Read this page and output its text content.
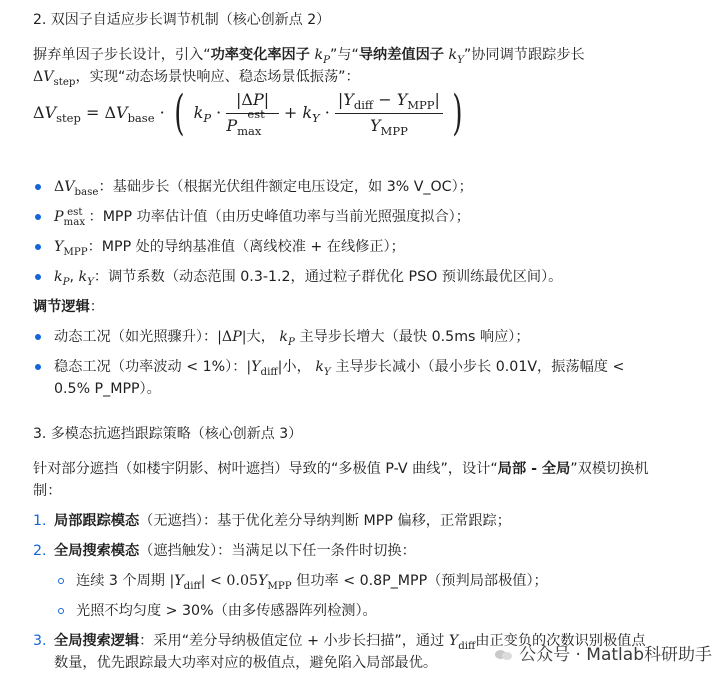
2. 双因子自适应步长调节机制（核心创新点 2）
摒弃单因子步长设计，引入“功率变化率因子 $k_P$”与“导纳差值因子 $k_Y$”协同调节跟踪步长
$\Delta V_{step}$，实现“动态场景快响应、稳态场景低振荡”：
$\Delta V_{step} = \Delta V_{base}$ · ( $k_P \cdot \frac{|\Delta P|}{P_{max}^{est}} + k_Y \cdot \frac{|Y_{diff} - Y_{MPP}|}{Y_{MPP}}$ )
$\Delta V_{base}$：基础步长（根据光伏组件额定电压设定，如 3% V_OC）；
$P_{max}^{est}$ ：MPP 功率估计值（由历史峰值功率与当前光照强度拟合）；
$Y_{MPP}$：MPP 处的导纳基准值（离线校准 + 在线修正）；
$k_P$, $k_Y$：调节系数（动态范围 0.3-1.2，通过粒子群优化 PSO 预训练最优区间）。
调节逻辑：
动态工况（如光照骤升）：|ΔP|大， $k_P$ 主导步长增大（最快 0.5ms 响应）；
稳态工况（功率波动 < 1%）：$|Y_{diff}|$小， $k_Y$ 主导步长减小（最小步长 0.01V，振荡幅度 <
0.5% P_MPP）。
3. 多模态抗遮挡跟踪策略（核心创新点 3）
针对部分遮挡（如楼宇阴影、树叶遮挡）导致的“多极值 P-V 曲线”，设计“局部 - 全局”双模切换机
制：
1. 局部跟踪模态（无遮挡）：基于优化差分导纳判断 MPP 偏移，正常跟踪；
2. 全局搜索模态（遮挡触发）：当满足以下任一条件时切换：
连续 3 个周期 $|Y_{diff}| < 0.05Y_{MPP}$ 但功率 < 0.8P_MPP（预判局部极值）；
光照不均匀度 > 30%（由多传感器阵列检测）。
3. 全局搜索逻辑：采用“差分导纳极值定位 + 小步长扫描”，通过 $Y_{diff}$由正变负的次数识别极值点
数量，优先跟踪最大功率对应的极值点，避免陷入局部最优。	公众号 · Matlab科研助手
